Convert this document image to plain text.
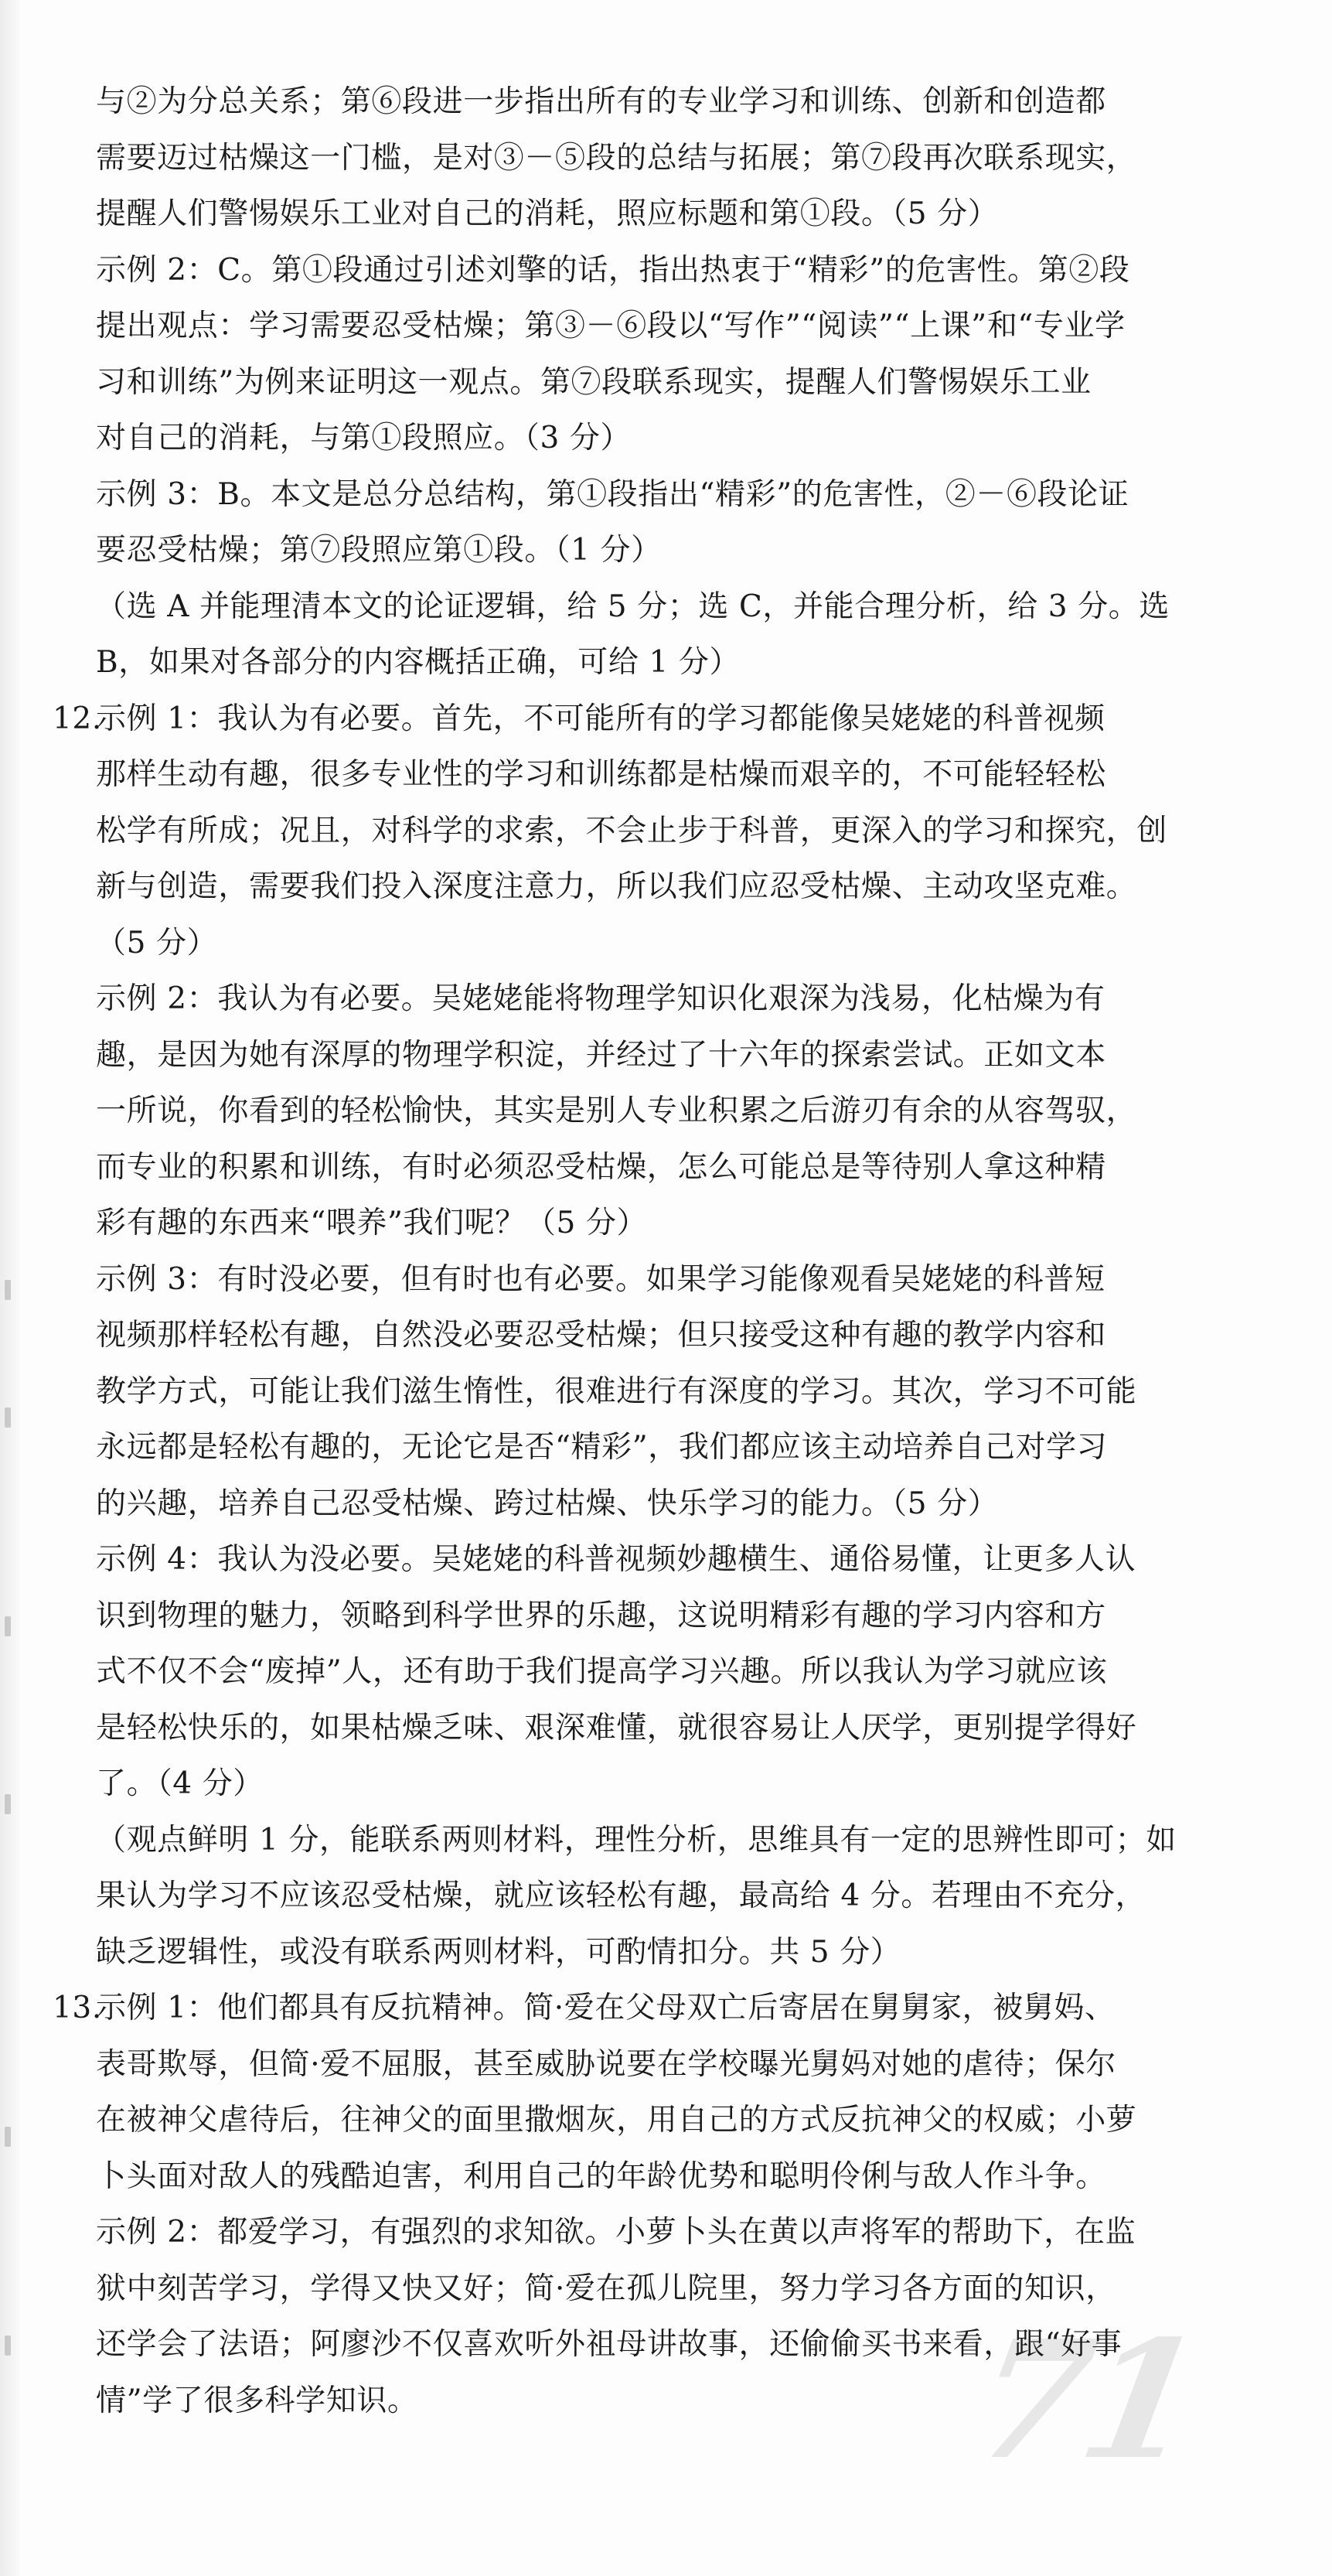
71
与②为分总关系；第⑥段进一步指出所有的专业学习和训练、创新和创造都
需要迈过枯燥这一门槛，是对③－⑤段的总结与拓展；第⑦段再次联系现实，
提醒人们警惕娱乐工业对自己的消耗，照应标题和第①段。（5 分）
示例 2：C。第①段通过引述刘擎的话，指出热衷于“精彩”的危害性。第②段
提出观点：学习需要忍受枯燥；第③－⑥段以“写作”“阅读”“上课”和“专业学
习和训练”为例来证明这一观点。第⑦段联系现实，提醒人们警惕娱乐工业
对自己的消耗，与第①段照应。（3 分）
示例 3：B。本文是总分总结构，第①段指出“精彩”的危害性，②－⑥段论证
要忍受枯燥；第⑦段照应第①段。（1 分）
（选 A 并能理清本文的论证逻辑，给 5 分；选 C，并能合理分析，给 3 分。选
B，如果对各部分的内容概括正确，可给 1 分）
12.示例 1：我认为有必要。首先，不可能所有的学习都能像吴姥姥的科普视频
那样生动有趣，很多专业性的学习和训练都是枯燥而艰辛的，不可能轻轻松
松学有所成；况且，对科学的求索，不会止步于科普，更深入的学习和探究，创
新与创造，需要我们投入深度注意力，所以我们应忍受枯燥、主动攻坚克难。
（5 分）
示例 2：我认为有必要。吴姥姥能将物理学知识化艰深为浅易，化枯燥为有
趣，是因为她有深厚的物理学积淀，并经过了十六年的探索尝试。正如文本
一所说，你看到的轻松愉快，其实是别人专业积累之后游刃有余的从容驾驭，
而专业的积累和训练，有时必须忍受枯燥，怎么可能总是等待别人拿这种精
彩有趣的东西来“喂养”我们呢？（5 分）
示例 3：有时没必要，但有时也有必要。如果学习能像观看吴姥姥的科普短
视频那样轻松有趣，自然没必要忍受枯燥；但只接受这种有趣的教学内容和
教学方式，可能让我们滋生惰性，很难进行有深度的学习。其次，学习不可能
永远都是轻松有趣的，无论它是否“精彩”，我们都应该主动培养自己对学习
的兴趣，培养自己忍受枯燥、跨过枯燥、快乐学习的能力。（5 分）
示例 4：我认为没必要。吴姥姥的科普视频妙趣横生、通俗易懂，让更多人认
识到物理的魅力，领略到科学世界的乐趣，这说明精彩有趣的学习内容和方
式不仅不会“废掉”人，还有助于我们提高学习兴趣。所以我认为学习就应该
是轻松快乐的，如果枯燥乏味、艰深难懂，就很容易让人厌学，更别提学得好
了。（4 分）
（观点鲜明 1 分，能联系两则材料，理性分析，思维具有一定的思辨性即可；如
果认为学习不应该忍受枯燥，就应该轻松有趣，最高给 4 分。若理由不充分，
缺乏逻辑性，或没有联系两则材料，可酌情扣分。共 5 分）
13.示例 1：他们都具有反抗精神。简·爱在父母双亡后寄居在舅舅家，被舅妈、
表哥欺辱，但简·爱不屈服，甚至威胁说要在学校曝光舅妈对她的虐待；保尔
在被神父虐待后，往神父的面里撒烟灰，用自己的方式反抗神父的权威；小萝
卜头面对敌人的残酷迫害，利用自己的年龄优势和聪明伶俐与敌人作斗争。
示例 2：都爱学习，有强烈的求知欲。小萝卜头在黄以声将军的帮助下，在监
狱中刻苦学习，学得又快又好；简·爱在孤儿院里，努力学习各方面的知识，
还学会了法语；阿廖沙不仅喜欢听外祖母讲故事，还偷偷买书来看，跟“好事
情”学了很多科学知识。
